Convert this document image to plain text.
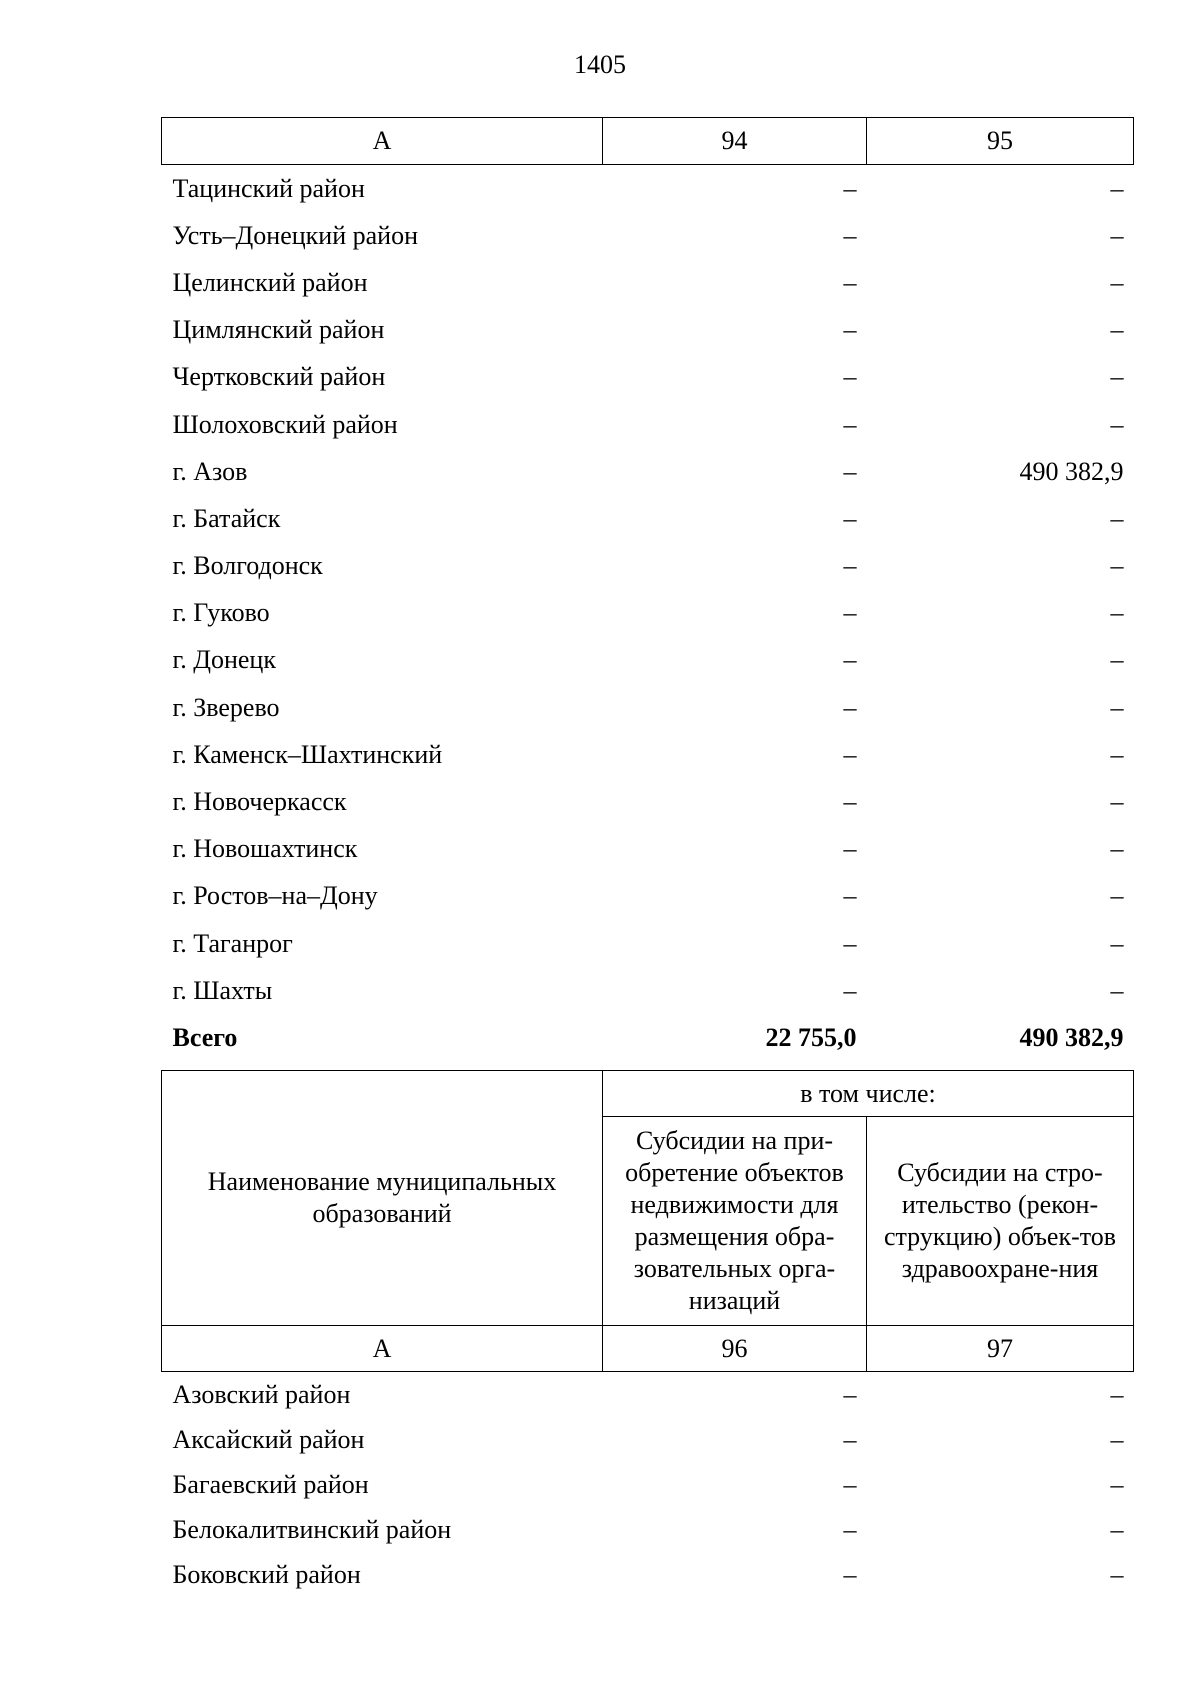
1405
А	94	95
Тацинский район	–	–
Усть–Донецкий район	–	–
Целинский район	–	–
Цимлянский район	–	–
Чертковский район	–	–
Шолоховский район	–	–
г. Азов	–	490 382,9
г. Батайск	–	–
г. Волгодонск	–	–
г. Гуково	–	–
г. Донецк	–	–
г. Зверево	–	–
г. Каменск–Шахтинский	–	–
г. Новочеркасск	–	–
г. Новошахтинск	–	–
г. Ростов–на–Дону	–	–
г. Таганрог	–	–
г. Шахты	–	–
Всего	22 755,0	490 382,9
Наименование муниципальных образований	в том числе:	
	Субсидии на при-обретение объектов недвижимости для размещения обра-зовательных орга-низаций	Субсидии на стро-ительство (рекон-струкцию) объек-тов здравоохране-ния
А	96	97
Азовский район	–	–
Аксайский район	–	–
Багаевский район	–	–
Белокалитвинский район	–	–
Боковский район	–	–
